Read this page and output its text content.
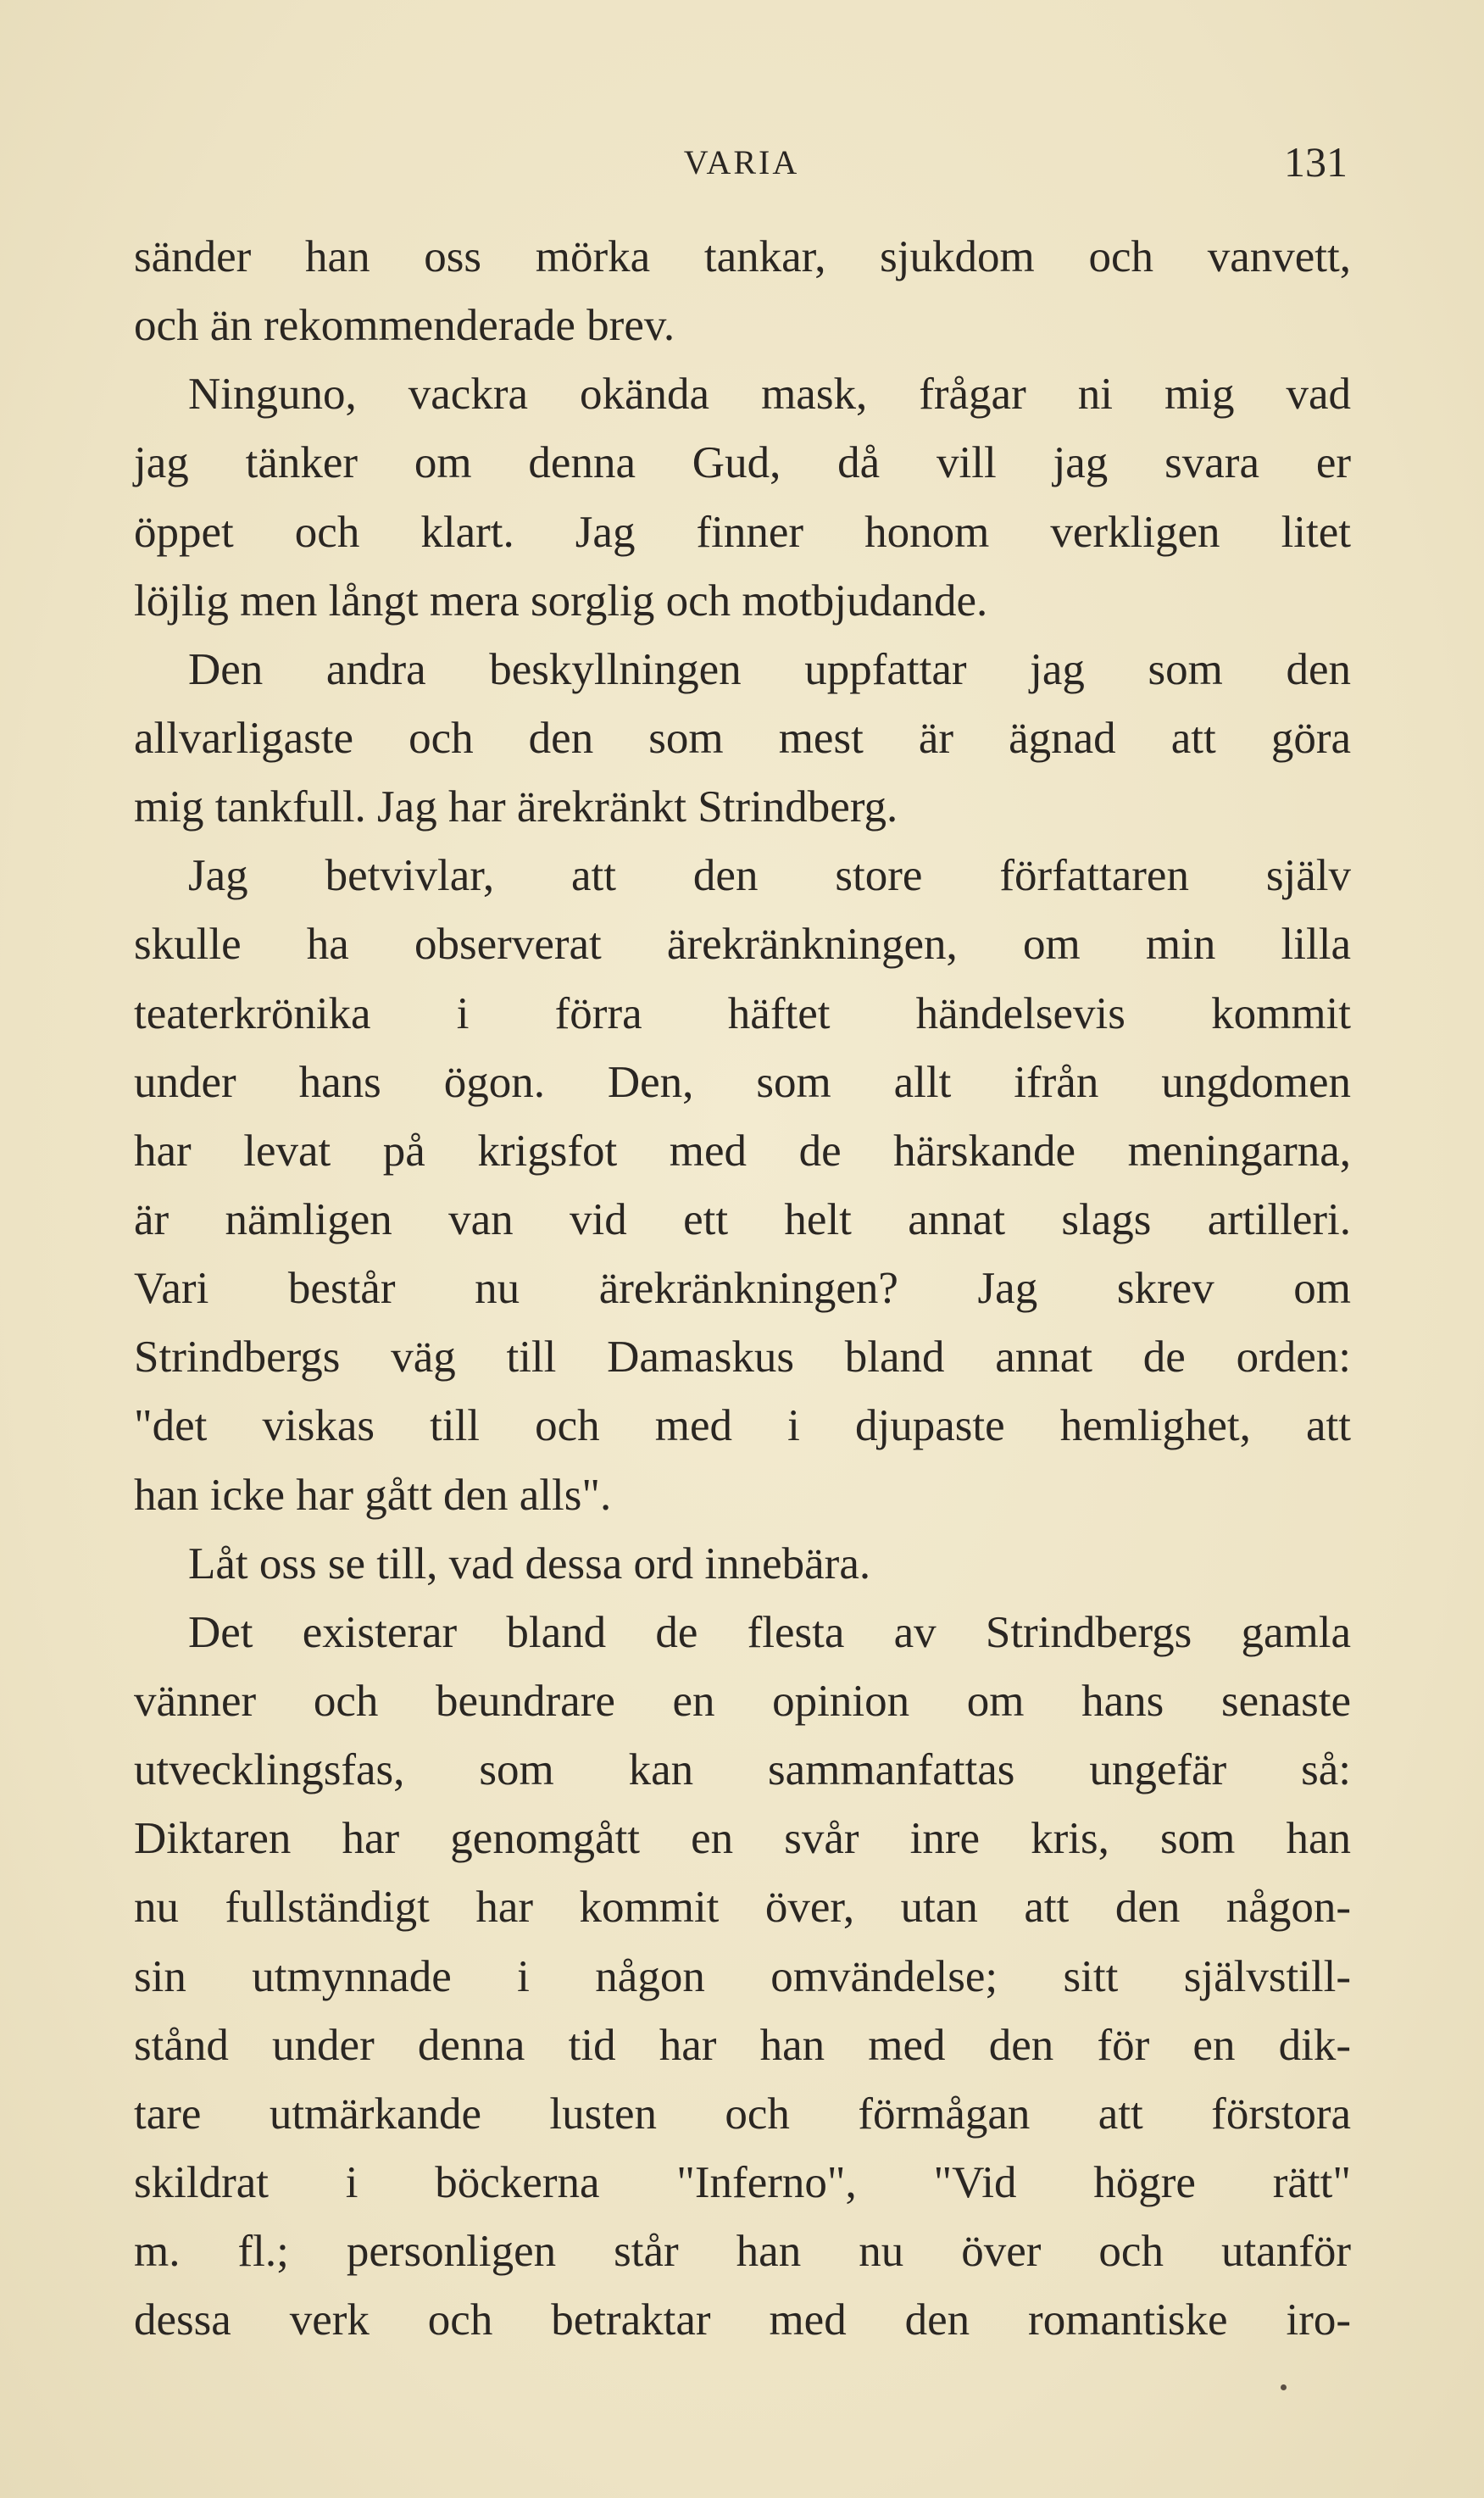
VARIA	131
sänder han oss mörka tankar, sjukdom och vanvett,
och än rekommenderade brev.
Ninguno, vackra okända mask, frågar ni mig vad
jag tänker om denna Gud, då vill jag svara er
öppet och klart. Jag finner honom verkligen litet
löjlig men långt mera sorglig och motbjudande.
Den andra beskyllningen uppfattar jag som den
allvarligaste och den som mest är ägnad att göra
mig tankfull. Jag har ärekränkt Strindberg.
Jag betvivlar, att den store författaren själv
skulle ha observerat ärekränkningen, om min lilla
teaterkrönika i förra häftet händelsevis kommit
under hans ögon. Den, som allt ifrån ungdomen
har levat på krigsfot med de härskande meningarna,
är nämligen van vid ett helt annat slags artilleri.
Vari består nu ärekränkningen? Jag skrev om
Strindbergs väg till Damaskus bland annat de orden:
"det viskas till och med i djupaste hemlighet, att
han icke har gått den alls".
Låt oss se till, vad dessa ord innebära.
Det existerar bland de flesta av Strindbergs gamla
vänner och beundrare en opinion om hans senaste
utvecklingsfas, som kan sammanfattas ungefär så:
Diktaren har genomgått en svår inre kris, som han
nu fullständigt har kommit över, utan att den någon-
sin utmynnade i någon omvändelse; sitt självstill-
stånd under denna tid har han med den för en dik-
tare utmärkande lusten och förmågan att förstora
skildrat i böckerna "Inferno", "Vid högre rätt"
m. fl.; personligen står han nu över och utanför
dessa verk och betraktar med den romantiske iro-
